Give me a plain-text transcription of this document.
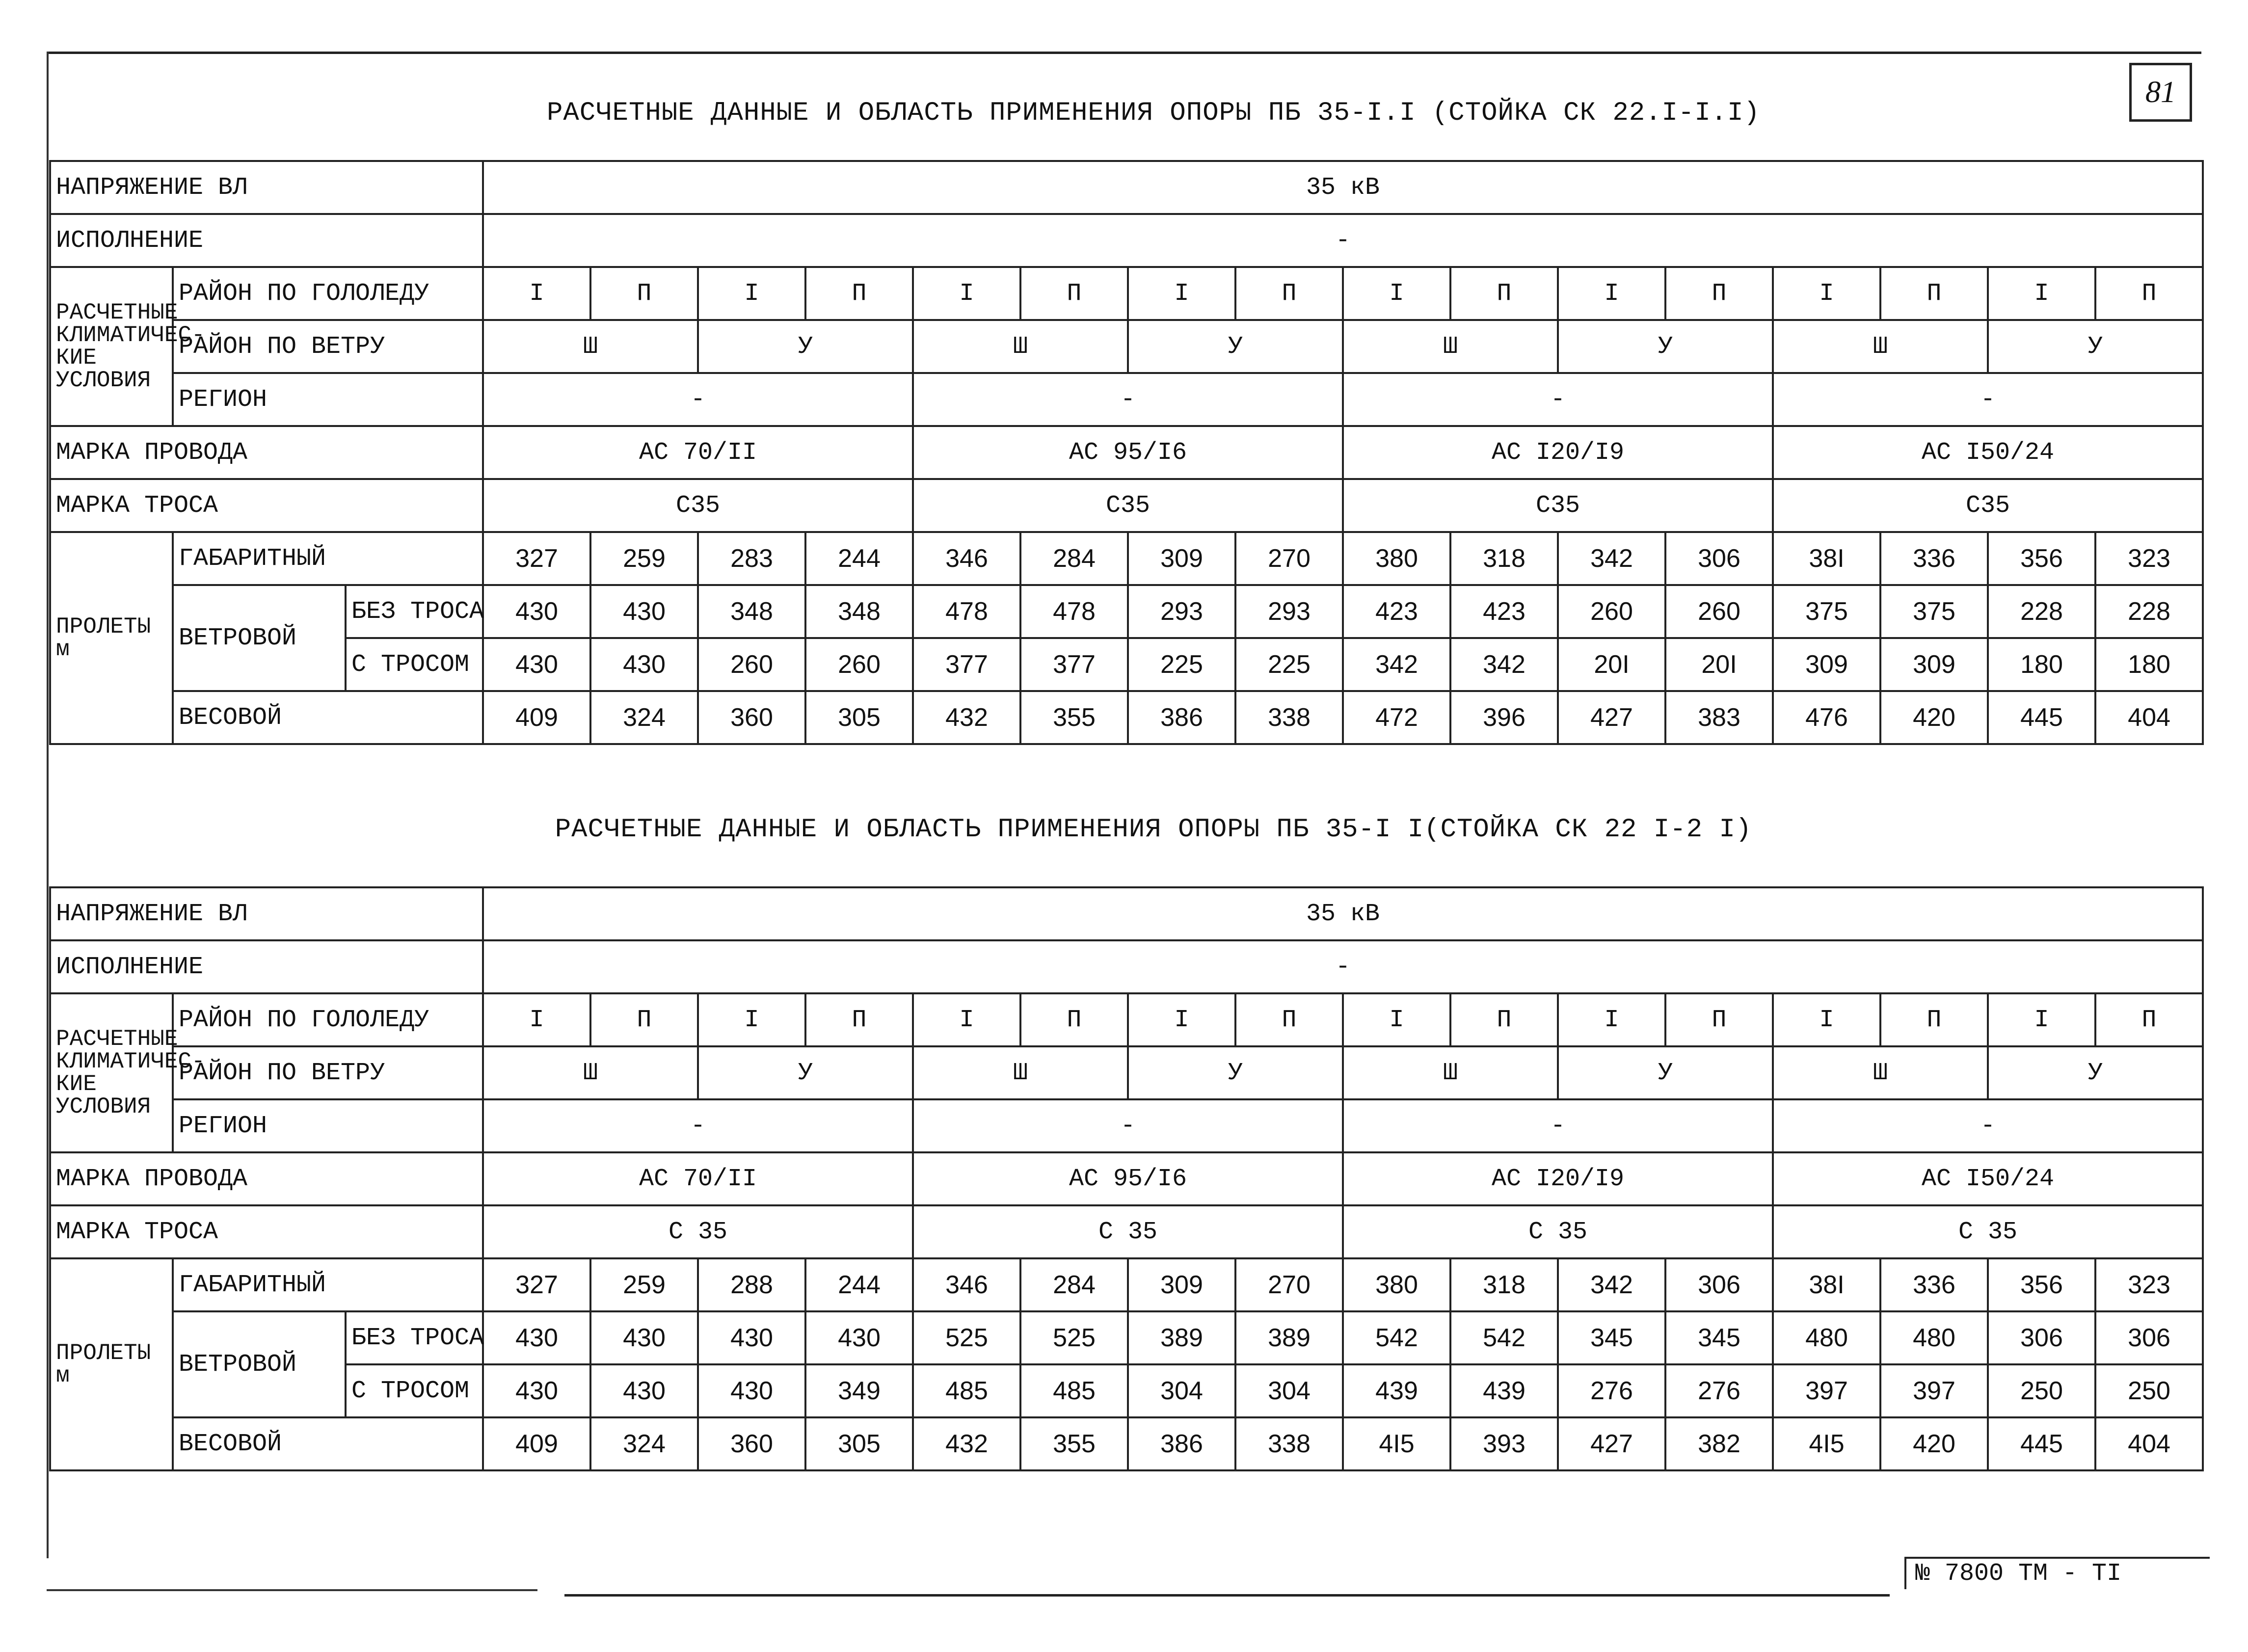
81
РАСЧЕТНЫЕ ДАННЫЕ И ОБЛАСТЬ ПРИМЕНЕНИЯ ОПОРЫ ПБ 35-I.I (СТОЙКА СК 22.I-I.I)
НАПРЯЖЕНИЕ ВЛ			35 кВ															
ИСПОЛНЕНИЕ			-															
РАСЧЕТНЫЕ КЛИМАТИЧЕС-КИЕ УСЛОВИЯ	РАЙОН ПО ГОЛОЛЕДУ		I	П	I	П	I	П	I	П	I	П	I	П	I	П	I	П
	РАЙОН ПО ВЕТРУ		Ш		У		Ш		У		Ш		У		Ш		У	
	РЕГИОН		-				-				-				-			
МАРКА ПРОВОДА			АС 70/II				АС 95/I6				АС I20/I9				АС I50/24			
МАРКА ТРОСА			С35				С35				С35				С35			
ПРОЛЕТЫ м	ГАБАРИТНЫЙ		327	259	283	244	346	284	309	270	380	318	342	306	38I	336	356	323
	ВЕТРОВОЙ	БЕЗ ТРОСА	430	430	348	348	478	478	293	293	423	423	260	260	375	375	228	228
		С ТРОСОМ	430	430	260	260	377	377	225	225	342	342	20I	20I	309	309	180	180
	ВЕСОВОЙ		409	324	360	305	432	355	386	338	472	396	427	383	476	420	445	404
РАСЧЕТНЫЕ ДАННЫЕ И ОБЛАСТЬ ПРИМЕНЕНИЯ ОПОРЫ ПБ 35-I I(СТОЙКА СК 22 I-2 I)
НАПРЯЖЕНИЕ ВЛ			35 кВ															
ИСПОЛНЕНИЕ			-															
РАСЧЕТНЫЕ КЛИМАТИЧЕС-КИЕ УСЛОВИЯ	РАЙОН ПО ГОЛОЛЕДУ		I	П	I	П	I	П	I	П	I	П	I	П	I	П	I	П
	РАЙОН ПО ВЕТРУ		Ш		У		Ш		У		Ш		У		Ш		У	
	РЕГИОН		-				-				-				-			
МАРКА ПРОВОДА			АС 70/II				АС 95/I6				АС I20/I9				АС I50/24			
МАРКА ТРОСА			С 35				С 35				С 35				С 35			
ПРОЛЕТЫ м	ГАБАРИТНЫЙ		327	259	288	244	346	284	309	270	380	318	342	306	38I	336	356	323
	ВЕТРОВОЙ	БЕЗ ТРОСА	430	430	430	430	525	525	389	389	542	542	345	345	480	480	306	306
		С ТРОСОМ	430	430	430	349	485	485	304	304	439	439	276	276	397	397	250	250
	ВЕСОВОЙ		409	324	360	305	432	355	386	338	4I5	393	427	382	4I5	420	445	404
№ 7800 ТМ - ТI
